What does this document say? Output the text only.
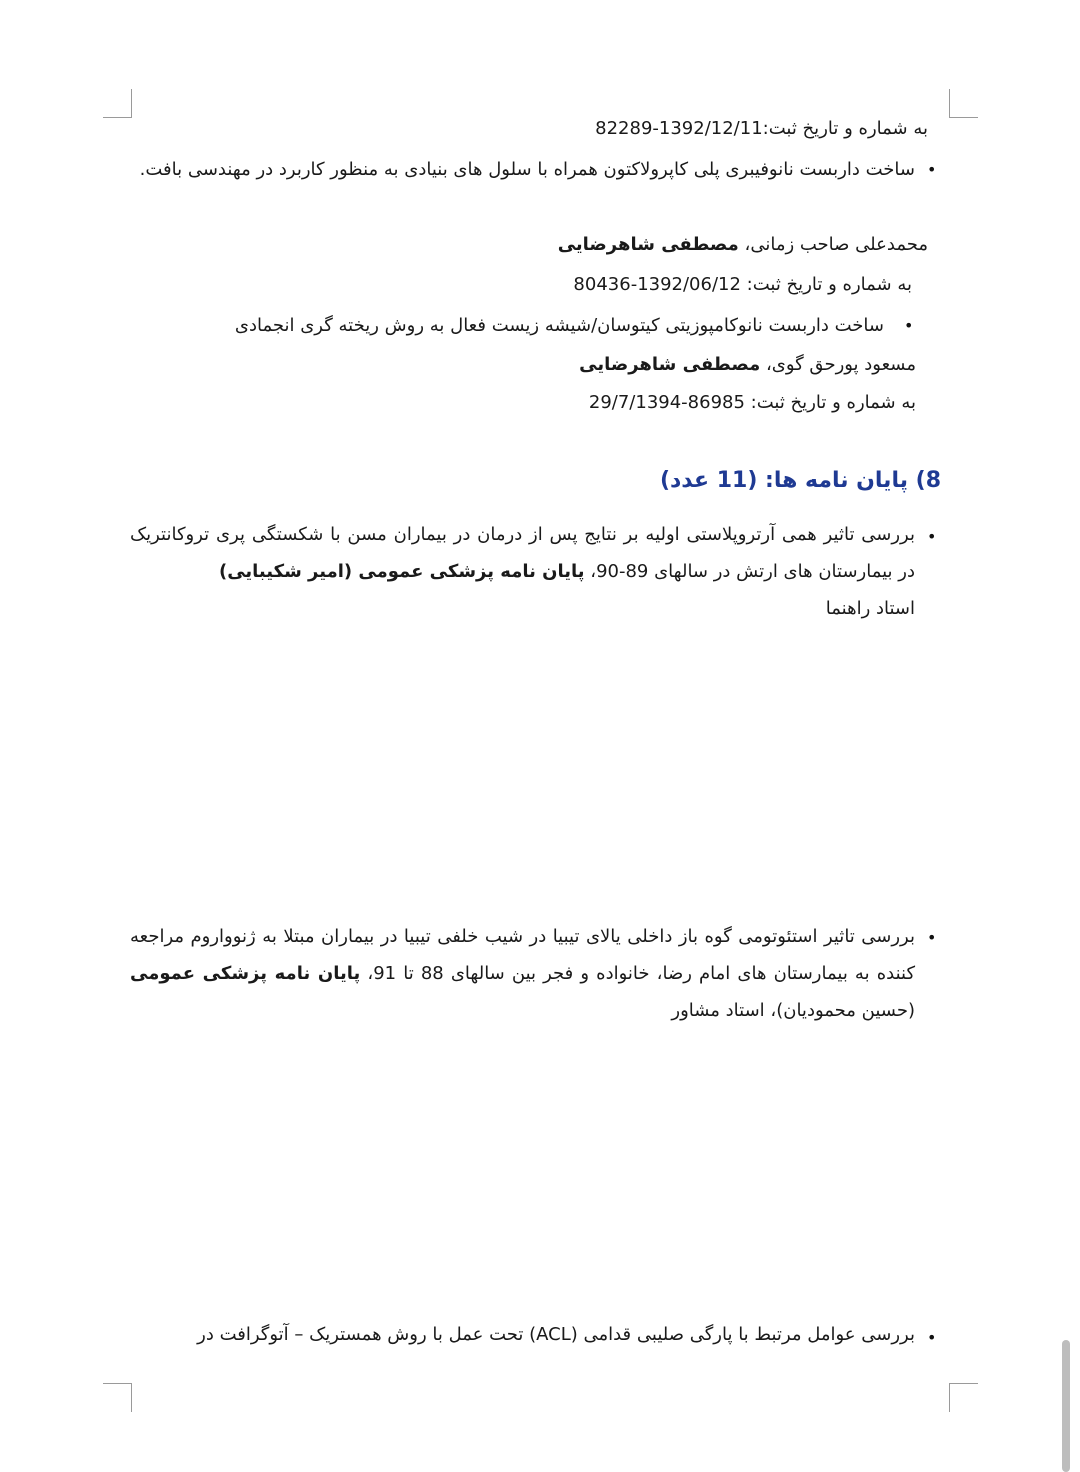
به شماره و تاریخ ثبت:1392/12/11-82289
•
ساخت داربست نانوفیبری پلی کاپرولاکتون همراه با سلول های بنیادی به منظور کاربرد در مهندسی بافت.
محمدعلی صاحب زمانی، مصطفی شاهرضایی
به شماره و تاریخ ثبت: 1392/06/12-80436
•
ساخت داربست نانوکامپوزیتی کیتوسان/شیشه زیست فعال به روش ریخته گری انجمادی
مسعود پورحق گوی، مصطفی شاهرضایی
به شماره و تاریخ ثبت: 86985-29/7/1394
8) پایان نامه ها: (11 عدد)
•
بررسی تاثیر همی آرتروپلاستی اولیه بر نتایج پس از درمان در بیماران مسن با شکستگی پری تروکانتریک در بیمارستان های ارتش در سالهای 89-90، پایان نامه پزشکی عمومی (امیر شکیبایی)
استاد راهنما
•
بررسی تاثیر استئوتومی گوه باز داخلی یالای تیبیا در شیب خلفی تیبیا در بیماران مبتلا به ژنوواروم مراجعه کننده به بیمارستان های امام رضا، خانواده و فجر بین سالهای 88 تا 91، پایان نامه پزشکی عمومی (حسین محمودیان)، استاد مشاور
•
بررسی عوامل مرتبط با پارگی صلیبی قدامی (ACL) تحت عمل با روش همستریک – آتوگرافت در
